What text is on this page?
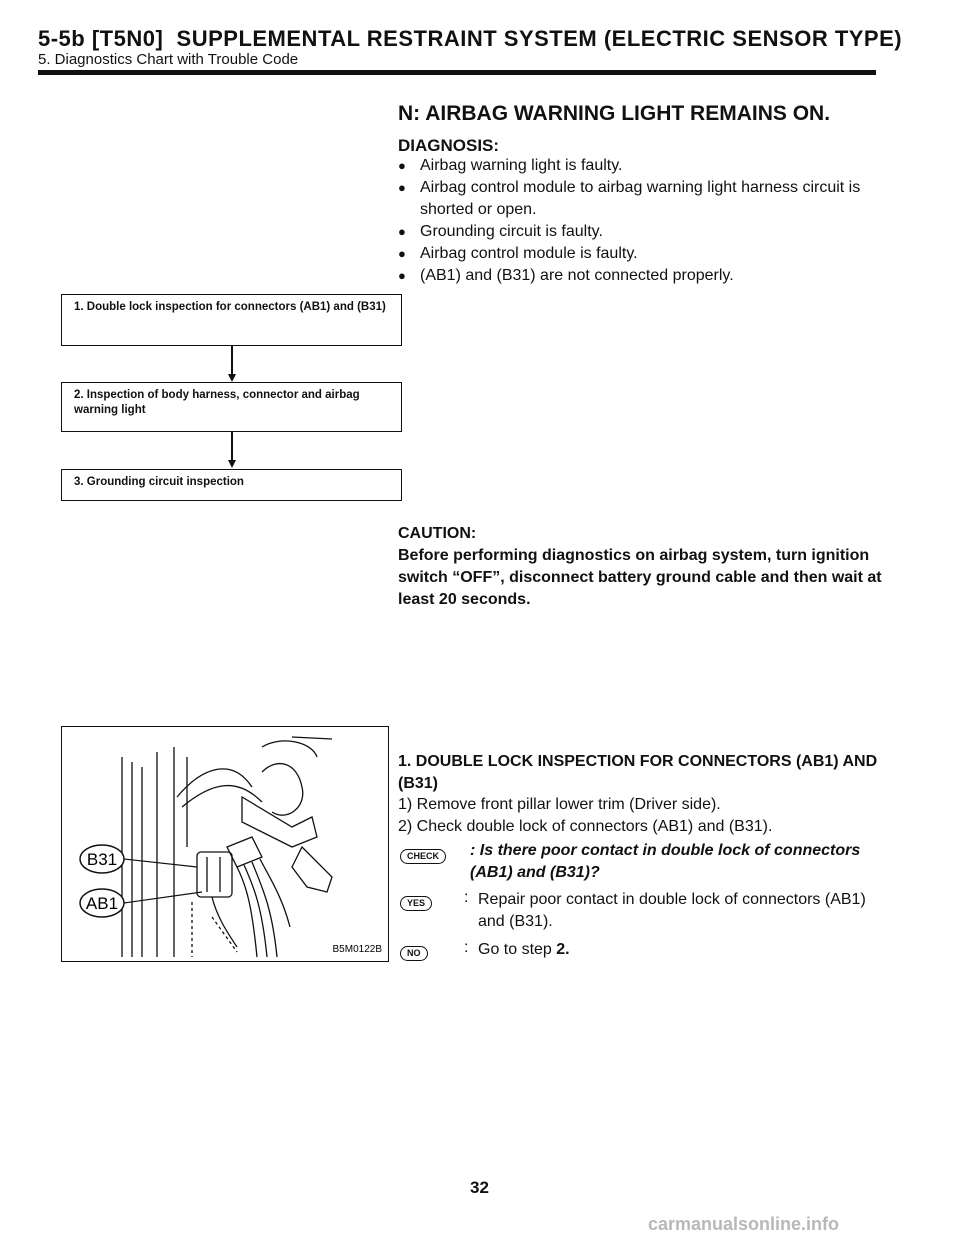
5-5b [T5N0] SUPPLEMENTAL RESTRAINT SYSTEM (ELECTRIC SENSOR TYPE)
5. Diagnostics Chart with Trouble Code
N: AIRBAG WARNING LIGHT REMAINS ON.
DIAGNOSIS:
● Airbag warning light is faulty.
● Airbag control module to airbag warning light harness circuit is shorted or open.
● Grounding circuit is faulty.
● Airbag control module is faulty.
● (AB1) and (B31) are not connected properly.
1. Double lock inspection for connectors (AB1) and (B31)
2. Inspection of body harness, connector and airbag warning light
3. Grounding circuit inspection
CAUTION:
Before performing diagnostics on airbag system, turn ignition switch “OFF”, disconnect battery ground cable and then wait at least 20 seconds.
B31
AB1
B5M0122B
1. DOUBLE LOCK INSPECTION FOR CONNECTORS (AB1) AND (B31)
1) Remove front pillar lower trim (Driver side).
2) Check double lock of connectors (AB1) and (B31).
CHECK	: Is there poor contact in double lock of connectors (AB1) and (B31)?
YES	: Repair poor contact in double lock of connectors (AB1) and (B31).
NO	: Go to step 2.
32
carmanualsonline.info
